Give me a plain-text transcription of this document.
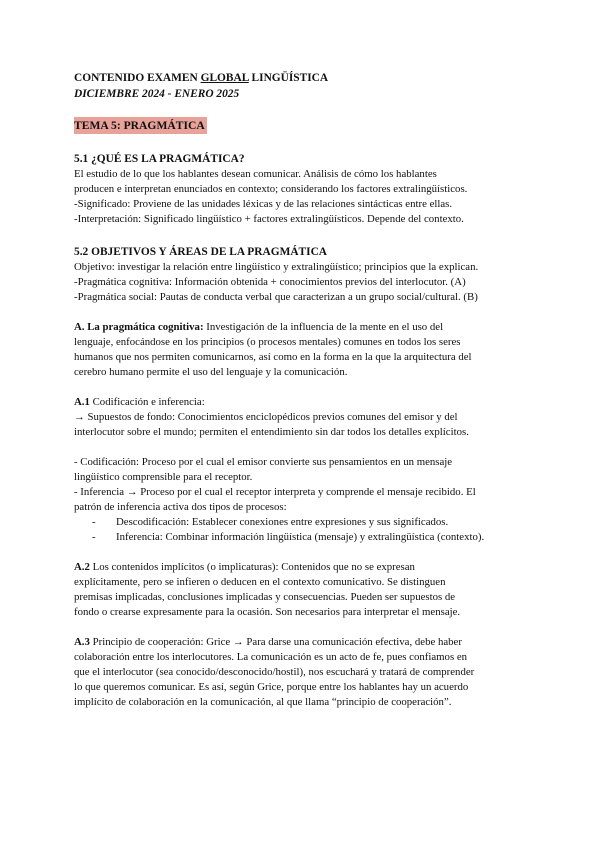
CONTENIDO EXAMEN GLOBAL LINGÜÍSTICA
DICIEMBRE 2024 - ENERO 2025
TEMA 5: PRAGMÁTICA
5.1 ¿QUÉ ES LA PRAGMÁTICA?

El estudio de lo que los hablantes desean comunicar. Análisis de cómo los hablantes

producen e interpretan enunciados en contexto; considerando los factores extralingüísticos.

-Significado: Proviene de las unidades léxicas y de las relaciones sintácticas entre ellas.

-Interpretación: Significado lingüístico + factores extralingüísticos. Depende del contexto.

5.2 OBJETIVOS Y ÁREAS DE LA PRAGMÁTICA

Objetivo: investigar la relación entre lingüístico y extralingüístico; principios que la explican.

-Pragmática cognitiva: Información obtenida + conocimientos previos del interlocutor. (A)

-Pragmática social: Pautas de conducta verbal que caracterizan a un grupo social/cultural. (B)

A. La pragmática cognitiva: Investigación de la influencia de la mente en el uso del

lenguaje, enfocándose en los principios (o procesos mentales) comunes en todos los seres

humanos que nos permiten comunicarnos, así como en la forma en la que la arquitectura del

cerebro humano permite el uso del lenguaje y la comunicación.

A.1 Codificación e inferencia:

→ Supuestos de fondo: Conocimientos enciclopédicos previos comunes del emisor y del

interlocutor sobre el mundo; permiten el entendimiento sin dar todos los detalles explícitos.

- Codificación: Proceso por el cual el emisor convierte sus pensamientos en un mensaje

lingüístico comprensible para el receptor.

- Inferencia → Proceso por el cual el receptor interpreta y comprende el mensaje recibido. El

patrón de inferencia activa dos tipos de procesos:

- Descodificación: Establecer conexiones entre expresiones y sus significados.
- Inferencia: Combinar información lingüística (mensaje) y extralingüística (contexto).

A.2 Los contenidos implícitos (o implicaturas): Contenidos que no se expresan

explícitamente, pero se infieren o deducen en el contexto comunicativo. Se distinguen

premisas implicadas, conclusiones implicadas y consecuencias. Pueden ser supuestos de

fondo o crearse expresamente para la ocasión. Son necesarios para interpretar el mensaje.

A.3 Principio de cooperación: Grice → Para darse una comunicación efectiva, debe haber

colaboración entre los interlocutores. La comunicación es un acto de fe, pues confiamos en

que el interlocutor (sea conocido/desconocido/hostil), nos escuchará y tratará de comprender

lo que queremos comunicar. Es así, según Grice, porque entre los hablantes hay un acuerdo

implícito de colaboración en la comunicación, al que llama “principio de cooperación”.
